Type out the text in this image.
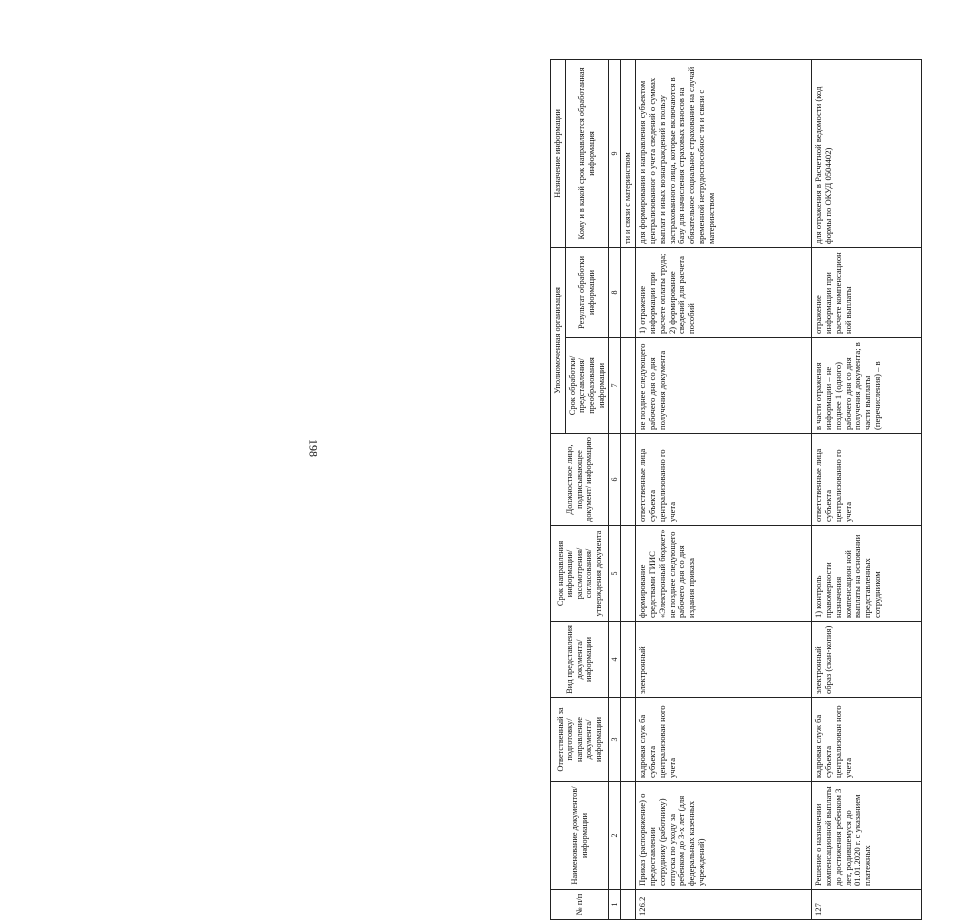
198
№ п/п	Наименование документов/ информации	Ответственный за подготовку/ направление документа/ информации	Вид представления документа/ информации	Срок направления информации/ рассмотрения/ согласования/ утверждения документа	Должностное лицо, подписывающее документ/ информацию	Уполномоченная организация		Назначение информации
						Срок обработки/ представления/ преобразования информации	Результат обработки информации	Кому и в какой срок направляется обработанная информация
1	2	3	4	5	6	7	8	9
								ти и связи с материнством
126.2	Приказ (распоряжение) о предоставлении сотруднику (работнику) отпуска по уходу за ребенком до 3-х лет (для федеральных казенных учреждений)	кадровая служ ба субъекта централизован ного учета	электронный	формирование средствами ГИИС «Электронный бюджет» не позднее следующего рабочего дня со дня издания приказа	ответственные лица субъекта централизованно го учета	не позднее следующего рабочего дня со дня получения документа	1) отражение информации при расчете оплаты труда; 2) формирование сведений для расчета пособий	для формирования и направления субъектом централизованног о учета сведений о суммах выплат и иных вознаграждений в пользу застрахованного лица, которые включаются в базу для начисления страховых взносов на обязательное социальное страхование на случай временной нетрудоспособнос ти и связи с материнством
127	Решение о назначении компенсационной выплаты до достижения ребенком 3 лет, родившемуся до 01.01.2020 г. с указанием платежных	кадровая служ ба субъекта централизован ного учета	электронный образ (скан-копия)	1) контроль правомерности назначения компенсацион ной выплаты на основании представленных сотрудником	ответственные лица субъекта централизованно го учета	в части отражения информации – не позднее 1 (одного) рабочего дня со дня получения документа; в части выплаты (перечисления) – в	отражение информации при расчете компенсацион ной выплаты	для отражения в Расчетной ведомости (код формы по ОКУД 0504402)
